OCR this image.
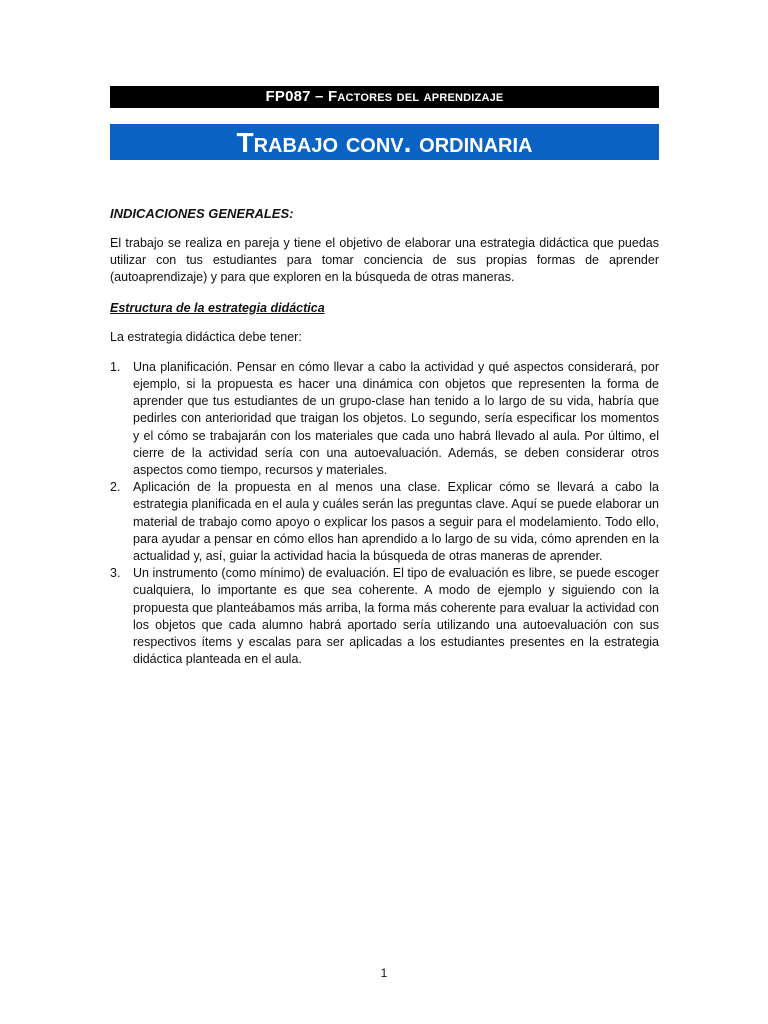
FP087 – Factores del aprendizaje
Trabajo conv. ordinaria
INDICACIONES GENERALES:

El trabajo se realiza en pareja y tiene el objetivo de elaborar una estrategia didáctica que puedas utilizar con tus estudiantes para tomar conciencia de sus propias formas de aprender (autoaprendizaje) y para que exploren en la búsqueda de otras maneras.

Estructura de la estrategia didáctica

La estrategia didáctica debe tener:

1. Una planificación. Pensar en cómo llevar a cabo la actividad y qué aspectos considerará, por ejemplo, si la propuesta es hacer una dinámica con objetos que representen la forma de aprender que tus estudiantes de un grupo-clase han tenido a lo largo de su vida, habría que pedirles con anterioridad que traigan los objetos. Lo segundo, sería especificar los momentos y el cómo se trabajarán con los materiales que cada uno habrá llevado al aula. Por último, el cierre de la actividad sería con una autoevaluación. Además, se deben considerar otros aspectos como tiempo, recursos y materiales.
2. Aplicación de la propuesta en al menos una clase. Explicar cómo se llevará a cabo la estrategia planificada en el aula y cuáles serán las preguntas clave. Aquí se puede elaborar un material de trabajo como apoyo o explicar los pasos a seguir para el modelamiento. Todo ello, para ayudar a pensar en cómo ellos han aprendido a lo largo de su vida, cómo aprenden en la actualidad y, así, guiar la actividad hacia la búsqueda de otras maneras de aprender.
3. Un instrumento (como mínimo) de evaluación. El tipo de evaluación es libre, se puede escoger cualquiera, lo importante es que sea coherente. A modo de ejemplo y siguiendo con la propuesta que planteábamos más arriba, la forma más coherente para evaluar la actividad con los objetos que cada alumno habrá aportado sería utilizando una autoevaluación con sus respectivos ítems y escalas para ser aplicadas a los estudiantes presentes en la estrategia didáctica planteada en el aula.
1
